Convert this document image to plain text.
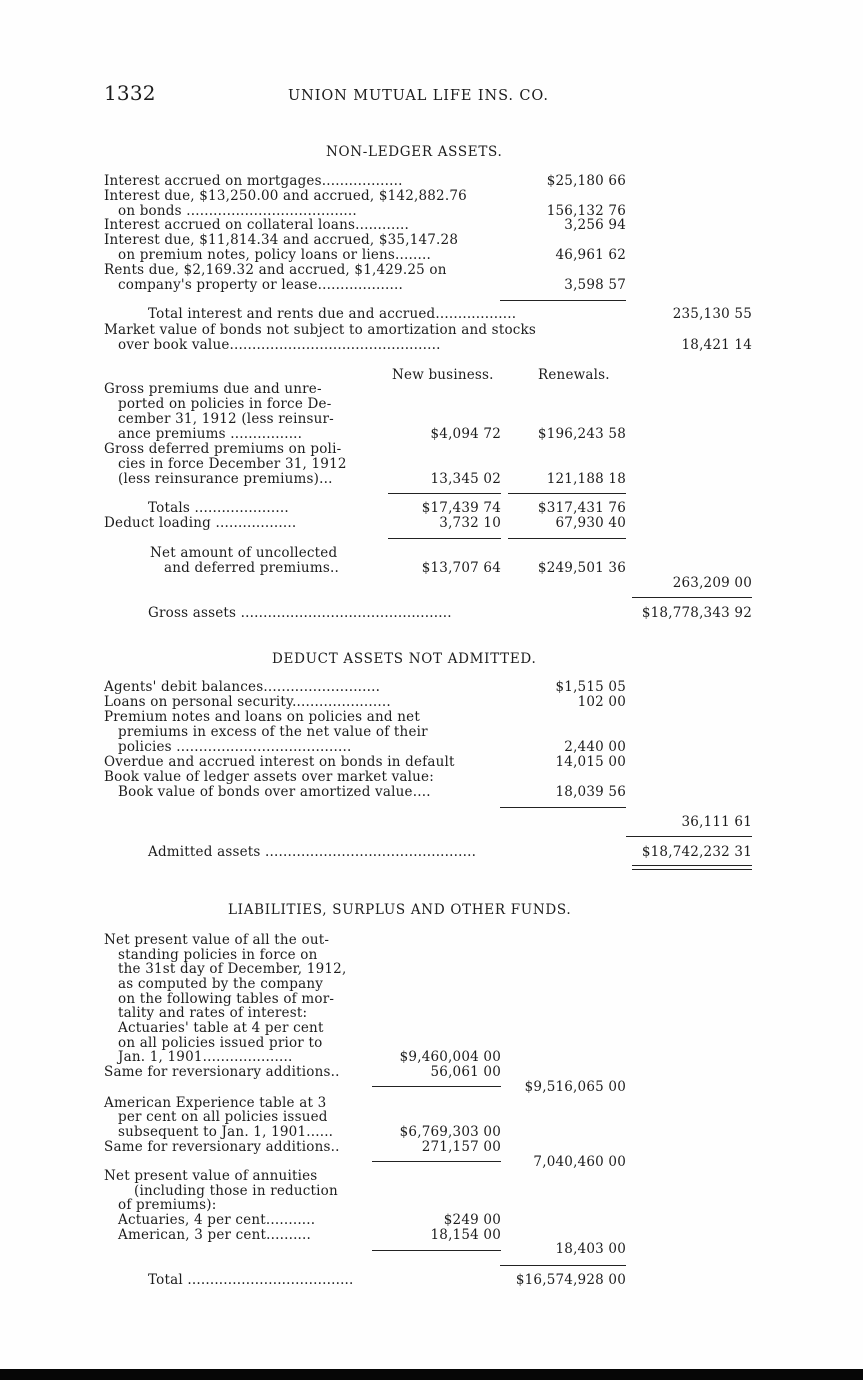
1332	UNION MUTUAL LIFE INS. CO.
NON-LEDGER ASSETS.
Interest accrued on mortgages..................	$25,180 66
Interest due, $13,250.00 and accrued, $142,882.76
on bonds ......................................	156,132 76
Interest accrued on collateral loans............	3,256 94
Interest due, $11,814.34 and accrued, $35,147.28
on premium notes, policy loans or liens........	46,961 62
Rents due, $2,169.32 and accrued, $1,429.25 on
company's property or lease...................	3,598 57
Total interest and rents due and accrued..................	235,130 55
Market value of bonds not subject to amortization and stocks
over book value...............................................	18,421 14
New business.	Renewals.
Gross premiums due and unre-
ported on policies in force De-
cember 31, 1912 (less reinsur-
ance premiums ................	$4,094 72	$196,243 58
Gross deferred premiums on poli-
cies in force December 31, 1912
(less reinsurance premiums)...	13,345 02	121,188 18
Totals .....................	$17,439 74	$317,431 76
Deduct loading ..................	3,732 10	67,930 40
Net amount of uncollected
and deferred premiums..	$13,707 64	$249,501 36
263,209 00
Gross assets ...............................................	$18,778,343 92
DEDUCT ASSETS NOT ADMITTED.
Agents' debit balances..........................	$1,515 05
Loans on personal security......................	102 00
Premium notes and loans on policies and net
premiums in excess of the net value of their
policies .......................................	2,440 00
Overdue and accrued interest on bonds in default	14,015 00
Book value of ledger assets over market value:
Book value of bonds over amortized value....	18,039 56
36,111 61
Admitted assets ...............................................	$18,742,232 31
LIABILITIES, SURPLUS AND OTHER FUNDS.
Net present value of all the out-
standing policies in force on
the 31st day of December, 1912,
as computed by the company
on the following tables of mor-
tality and rates of interest:
Actuaries' table at 4 per cent
on all policies issued prior to
Jan. 1, 1901....................	$9,460,004 00
Same for reversionary additions..	56,061 00
$9,516,065 00
American Experience table at 3
per cent on all policies issued
subsequent to Jan. 1, 1901......	$6,769,303 00
Same for reversionary additions..	271,157 00
7,040,460 00
Net present value of annuities
(including those in reduction
of premiums):
Actuaries, 4 per cent...........	$249 00
American, 3 per cent..........	18,154 00
18,403 00
Total .....................................	$16,574,928 00
